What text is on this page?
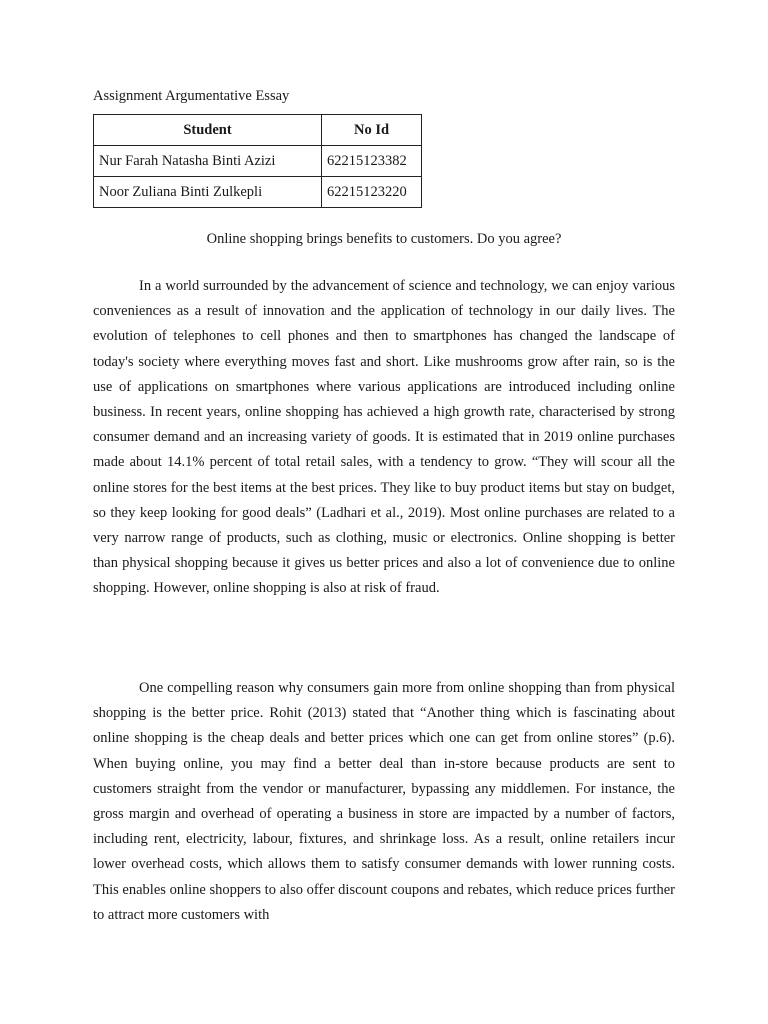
Assignment Argumentative Essay
Student	No Id
Nur Farah Natasha Binti Azizi	62215123382
Noor Zuliana Binti Zulkepli	62215123220
Online shopping brings benefits to customers. Do you agree?

In a world surrounded by the advancement of science and technology, we can enjoy various conveniences as a result of innovation and the application of technology in our daily lives. The evolution of telephones to cell phones and then to smartphones has changed the landscape of today's society where everything moves fast and short. Like mushrooms grow after rain, so is the use of applications on smartphones where various applications are introduced including online business. In recent years, online shopping has achieved a high growth rate, characterised by strong consumer demand and an increasing variety of goods. It is estimated that in 2019 online purchases made about 14.1% percent of total retail sales, with a tendency to grow. “They will scour all the online stores for the best items at the best prices. They like to buy product items but stay on budget, so they keep looking for good deals” (Ladhari et al., 2019). Most online purchases are related to a very narrow range of products, such as clothing, music or electronics. Online shopping is better than physical shopping because it gives us better prices and also a lot of convenience due to online shopping. However, online shopping is also at risk of fraud.

One compelling reason why consumers gain more from online shopping than from physical shopping is the better price. Rohit (2013) stated that “Another thing which is fascinating about online shopping is the cheap deals and better prices which one can get from online stores” (p.6). When buying online, you may find a better deal than in-store because products are sent to customers straight from the vendor or manufacturer, bypassing any middlemen. For instance, the gross margin and overhead of operating a business in store are impacted by a number of factors, including rent, electricity, labour, fixtures, and shrinkage loss. As a result, online retailers incur lower overhead costs, which allows them to satisfy consumer demands with lower running costs. This enables online shoppers to also offer discount coupons and rebates, which reduce prices further to attract more customers with
